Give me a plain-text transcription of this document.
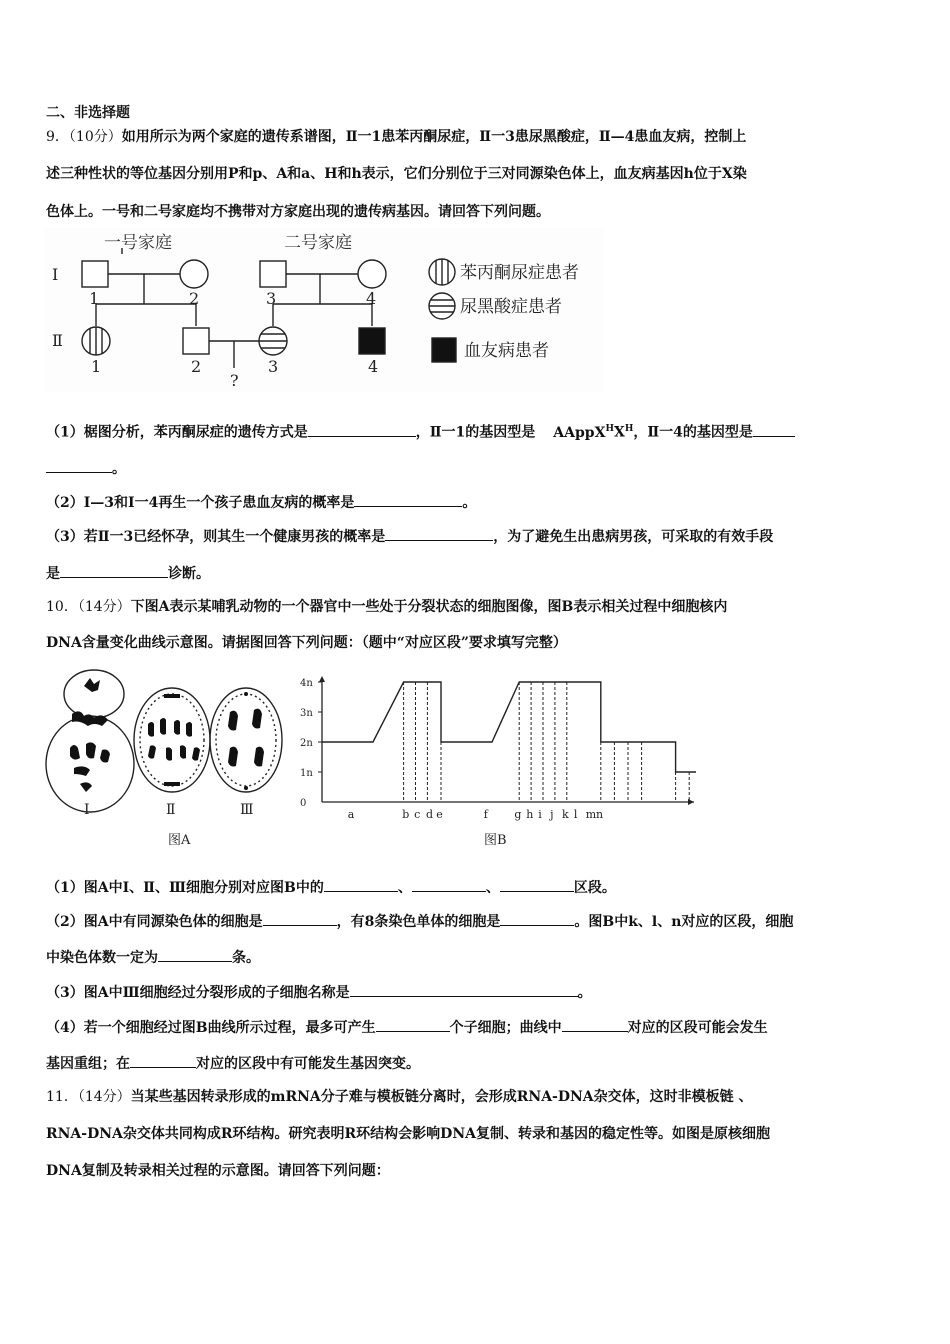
二、非选择题
9．（10分）如用所示为两个家庭的遗传系谱图，Ⅱ一1患苯丙酮尿症，Ⅱ一3患尿黑酸症，Ⅱ—4患血友病，控制上
述三种性状的等位基因分别用P和p、A和a、H和h表示，它们分别位于三对同源染色体上，血友病基因h位于X染
色体上。一号和二号家庭均不携带对方家庭出现的遗传病基因。请回答下列问题。
一号家庭	二号家庭
Ⅰ
Ⅱ
1	2	3	4
1	2	3	4
?
苯丙酮尿症患者
尿黑酸症患者
血友病患者
（1）椐图分析，苯丙酮尿症的遗传方式是	，Ⅱ一1的基因型是 $AAppX^HX^H$，Ⅱ一4的基因型是
。
（2）Ⅰ—3和Ⅰ一4再生一个孩子患血友病的概率是	。
（3）若Ⅱ一3已经怀孕，则其生一个健康男孩的概率是	，为了避免生出患病男孩，可采取的有效手段
是	诊断。
10．（14分）下图A表示某哺乳动物的一个器官中一些处于分裂状态的细胞图像，图B表示相关过程中细胞核内
DNA含量变化曲线示意图。请据图回答下列问题：（题中“对应区段”要求填写完整）
Ⅰ	Ⅱ	Ⅲ
图A
0
1n
2n
3n
4n
a	b c d e	f g h i j k l m n
图B
（1）图A中Ⅰ、Ⅱ、Ⅲ细胞分别对应图B中的	、	、	区段。
（2）图A中有同源染色体的细胞是	，有8条染色单体的细胞是	。图B中k、l、n对应的区段，细胞
中染色体数一定为	条。
（3）图A中Ⅲ细胞经过分裂形成的子细胞名称是	。
（4）若一个细胞经过图B曲线所示过程，最多可产生	个子细胞；曲线中	对应的区段可能会发生
基因重组；在	对应的区段中有可能发生基因突变。
11．（14分）当某些基因转录形成的mRNA分子难与模板链分离时，会形成RNA-DNA杂交体，这时非模板链 、
RNA-DNA杂交体共同构成R环结构。研究表明R环结构会影响DNA复制、转录和基因的稳定性等。如图是原核细胞
DNA复制及转录相关过程的示意图。请回答下列问题：
